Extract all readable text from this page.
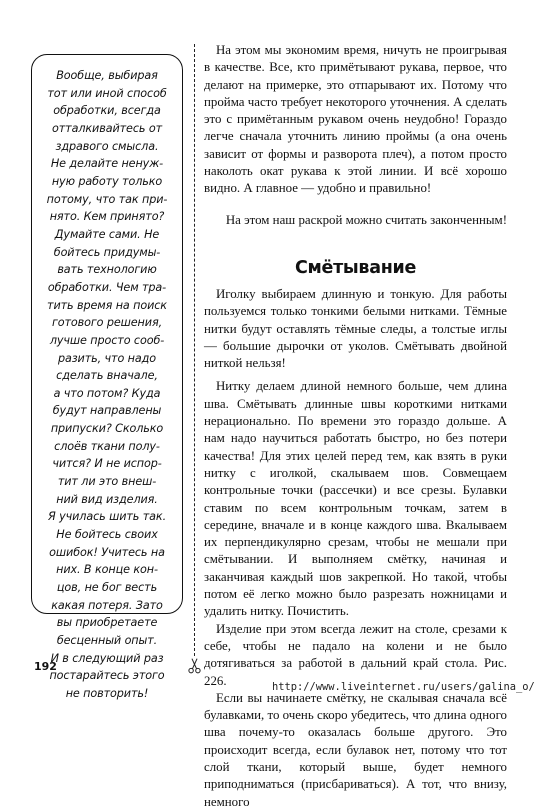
Вообще, выбирая
тот или иной способ
обработки, всегда
отталкивайтесь от
здравого смысла.
Не делайте ненуж-
ную работу только
потому, что так при-
нято. Кем принято?
Думайте сами. Не
бойтесь придумы-
вать технологию
обработки. Чем тра-
тить время на поиск
готового решения,
лучше просто сооб-
разить, что надо
сделать вначале,
а что потом? Куда
будут направлены
припуски? Сколько
слоёв ткани полу-
чится? И не испор-
тит ли это внеш-
ний вид изделия.
Я училась шить так.
Не бойтесь своих
ошибок! Учитесь на
них. В конце кон-
цов, не бог весть
какая потеря. Зато
вы приобретаете
бесценный опыт.
И в следующий раз
постарайтесь этого
не повторить!

На этом мы экономим время, ничуть не проигрывая в качестве. Все, кто примётывают рукава, первое, что делают на примерке, это отпарывают их. Потому что пройма часто требует некоторого уточнения. А сделать это с примётанным рукавом очень неудобно! Гораздо легче сначала уточнить линию проймы (а она очень зависит от формы и разворота плеч), а потом просто наколоть окат рукава к этой линии. И всё хорошо видно. А главное — удобно и правильно!

На этом наш раскрой можно считать законченным!

Смётывание

Иголку выбираем длинную и тонкую. Для работы пользуемся только тонкими белыми нитками. Тёмные нитки будут оставлять тёмные следы, а толстые иглы — большие дырочки от уколов. Смётывать двойной ниткой нельзя!

Нитку делаем длиной немного больше, чем длина шва. Смётывать длинные швы короткими нитками нерационально. По времени это гораздо дольше. А нам надо научиться работать быстро, но без потери качества! Для этих целей перед тем, как взять в руки нитку с иголкой, скалываем шов. Совмещаем контрольные точки (рассечки) и все срезы. Булавки ставим по всем контрольным точкам, затем в середине, вначале и в конце каждого шва. Вкалываем их перпендикулярно срезам, чтобы не мешали при смётывании. И выполняем смётку, начиная и заканчивая каждый шов закрепкой. Но такой, чтобы потом её легко можно было разрезать ножницами и удалить нитку. Почистить.

Изделие при этом всегда лежит на столе, срезами к себе, чтобы не падало на колени и не было дотягиваться за работой в дальний край стола. Рис. 226.

Если вы начинаете смётку, не скалывая сначала всё булавками, то очень скоро убедитесь, что длина одного шва почему-то оказалась больше другого. Это происходит всегда, если булавок нет, потому что тот слой ткани, который выше, будет немного приподниматься (присбариваться). А тот, что внизу, немного

192
http://www.liveinternet.ru/users/galina_o/
